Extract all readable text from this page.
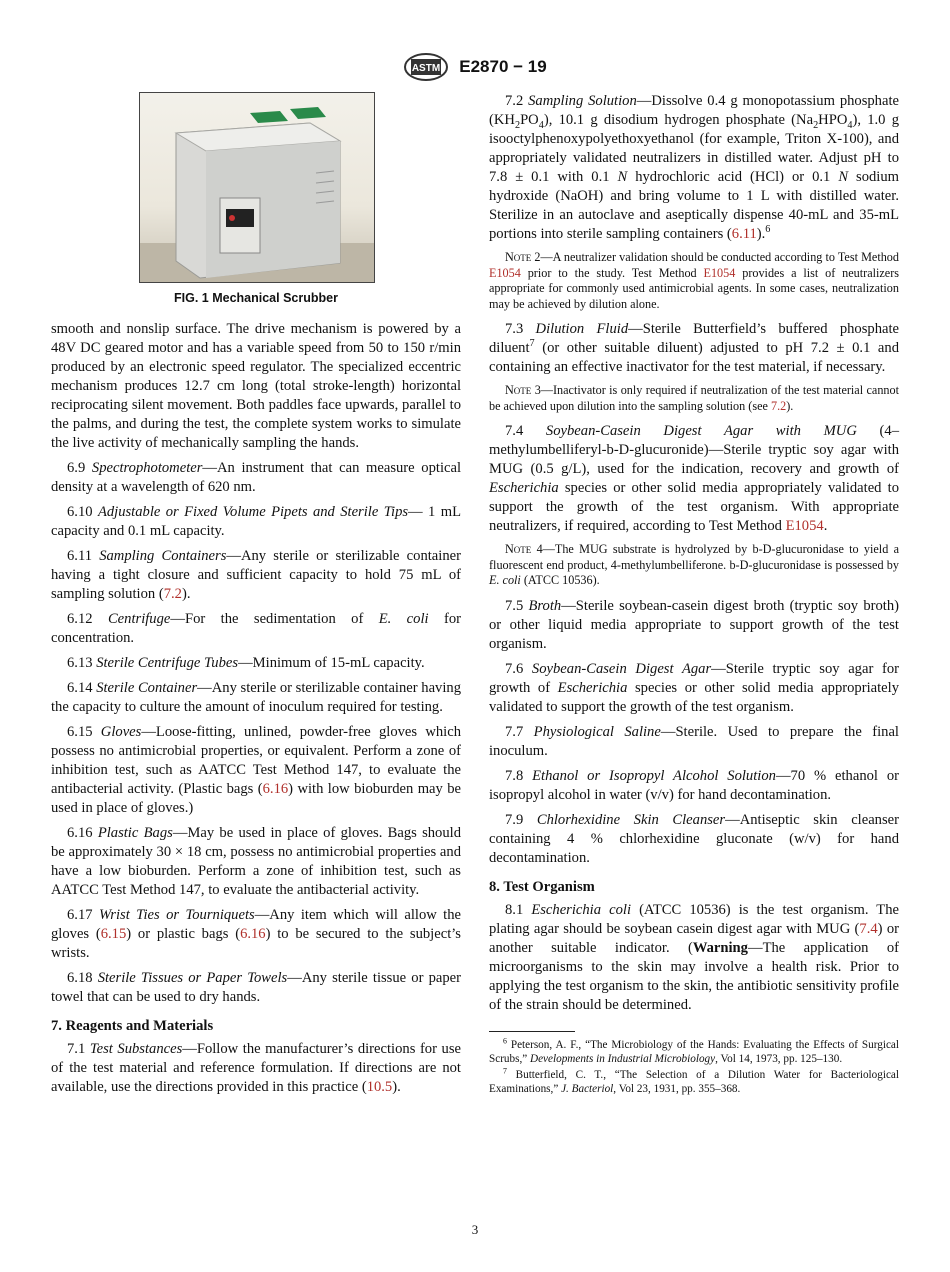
ASTM E2870 − 19

FIG. 1 Mechanical Scrubber

smooth and nonslip surface. The drive mechanism is powered by a 48V DC geared motor and has a variable speed from 50 to 150 r/min produced by an electronic speed regulator. The specialized eccentric mechanism produces 12.7 cm long (total stroke-length) horizontal reciprocating silent movement. Both paddles face upwards, parallel to the palms, and during the test, the complete system works to simulate the live activity of mechanically sampling the hands.

6.9 Spectrophotometer—An instrument that can measure optical density at a wavelength of 620 nm.

6.10 Adjustable or Fixed Volume Pipets and Sterile Tips— 1 mL capacity and 0.1 mL capacity.

6.11 Sampling Containers—Any sterile or sterilizable container having a tight closure and sufficient capacity to hold 75 mL of sampling solution (7.2).

6.12 Centrifuge—For the sedimentation of E. coli for concentration.

6.13 Sterile Centrifuge Tubes—Minimum of 15-mL capacity.

6.14 Sterile Container—Any sterile or sterilizable container having the capacity to culture the amount of inoculum required for testing.

6.15 Gloves—Loose-fitting, unlined, powder-free gloves which possess no antimicrobial properties, or equivalent. Perform a zone of inhibition test, such as AATCC Test Method 147, to evaluate the antibacterial activity. (Plastic bags (6.16) with low bioburden may be used in place of gloves.)

6.16 Plastic Bags—May be used in place of gloves. Bags should be approximately 30 × 18 cm, possess no antimicrobial properties and have a low bioburden. Perform a zone of inhibition test, such as AATCC Test Method 147, to evaluate the antibacterial activity.

6.17 Wrist Ties or Tourniquets—Any item which will allow the gloves (6.15) or plastic bags (6.16) to be secured to the subject’s wrists.

6.18 Sterile Tissues or Paper Towels—Any sterile tissue or paper towel that can be used to dry hands.

7. Reagents and Materials

7.1 Test Substances—Follow the manufacturer’s directions for use of the test material and reference formulation. If directions are not available, use the directions provided in this practice (10.5).

7.2 Sampling Solution—Dissolve 0.4 g monopotassium phosphate $(KH_2PO_4)$, 10.1 g disodium hydrogen phosphate $(Na_2HPO_4)$, 1.0 g isooctylphenoxypolyethoxyethanol (for example, Triton X-100), and appropriately validated neutralizers in distilled water. Adjust pH to 7.8 ± 0.1 with 0.1 N hydrochloric acid (HCl) or 0.1 N sodium hydroxide (NaOH) and bring volume to 1 L with distilled water. Sterilize in an autoclave and aseptically dispense 40-mL and 35-mL portions into sterile sampling containers (6.11).$^6$

Note 2—A neutralizer validation should be conducted according to Test Method E1054 prior to the study. Test Method E1054 provides a list of neutralizers appropriate for commonly used antimicrobial agents. In some cases, neutralization may be achieved by dilution alone.

7.3 Dilution Fluid—Sterile Butterfield’s buffered phosphate diluent$^7$ (or other suitable diluent) adjusted to pH 7.2 ± 0.1 and containing an effective inactivator for the test material, if necessary.

Note 3—Inactivator is only required if neutralization of the test material cannot be achieved upon dilution into the sampling solution (see 7.2).

7.4 Soybean-Casein Digest Agar with MUG (4–methylumbelliferyl-b-D-glucuronide)—Sterile tryptic soy agar with MUG (0.5 g/L), used for the indication, recovery and growth of Escherichia species or other solid media appropriately validated to support the growth of the test organism. With appropriate neutralizers, if required, according to Test Method E1054.

Note 4—The MUG substrate is hydrolyzed by b-D-glucuronidase to yield a fluorescent end product, 4-methylumbelliferone. b-D-glucuronidase is possessed by E. coli (ATCC 10536).

7.5 Broth—Sterile soybean-casein digest broth (tryptic soy broth) or other liquid media appropriate to support growth of the test organism.

7.6 Soybean-Casein Digest Agar—Sterile tryptic soy agar for growth of Escherichia species or other solid media appropriately validated to support the growth of the test organism.

7.7 Physiological Saline—Sterile. Used to prepare the final inoculum.

7.8 Ethanol or Isopropyl Alcohol Solution—70 % ethanol or isopropyl alcohol in water (v/v) for hand decontamination.

7.9 Chlorhexidine Skin Cleanser—Antiseptic skin cleanser containing 4 % chlorhexidine gluconate (w/v) for hand decontamination.

8. Test Organism

8.1 Escherichia coli (ATCC 10536) is the test organism. The plating agar should be soybean casein digest agar with MUG (7.4) or another suitable indicator. (Warning—The application of microorganisms to the skin may involve a health risk. Prior to applying the test organism to the skin, the antibiotic sensitivity profile of the strain should be determined.

$^6$ Peterson, A. F., “The Microbiology of the Hands: Evaluating the Effects of Surgical Scrubs,” Developments in Industrial Microbiology, Vol 14, 1973, pp. 125–130.

$^7$ Butterfield, C. T., “The Selection of a Dilution Water for Bacteriological Examinations,” J. Bacteriol, Vol 23, 1931, pp. 355–368.

3
